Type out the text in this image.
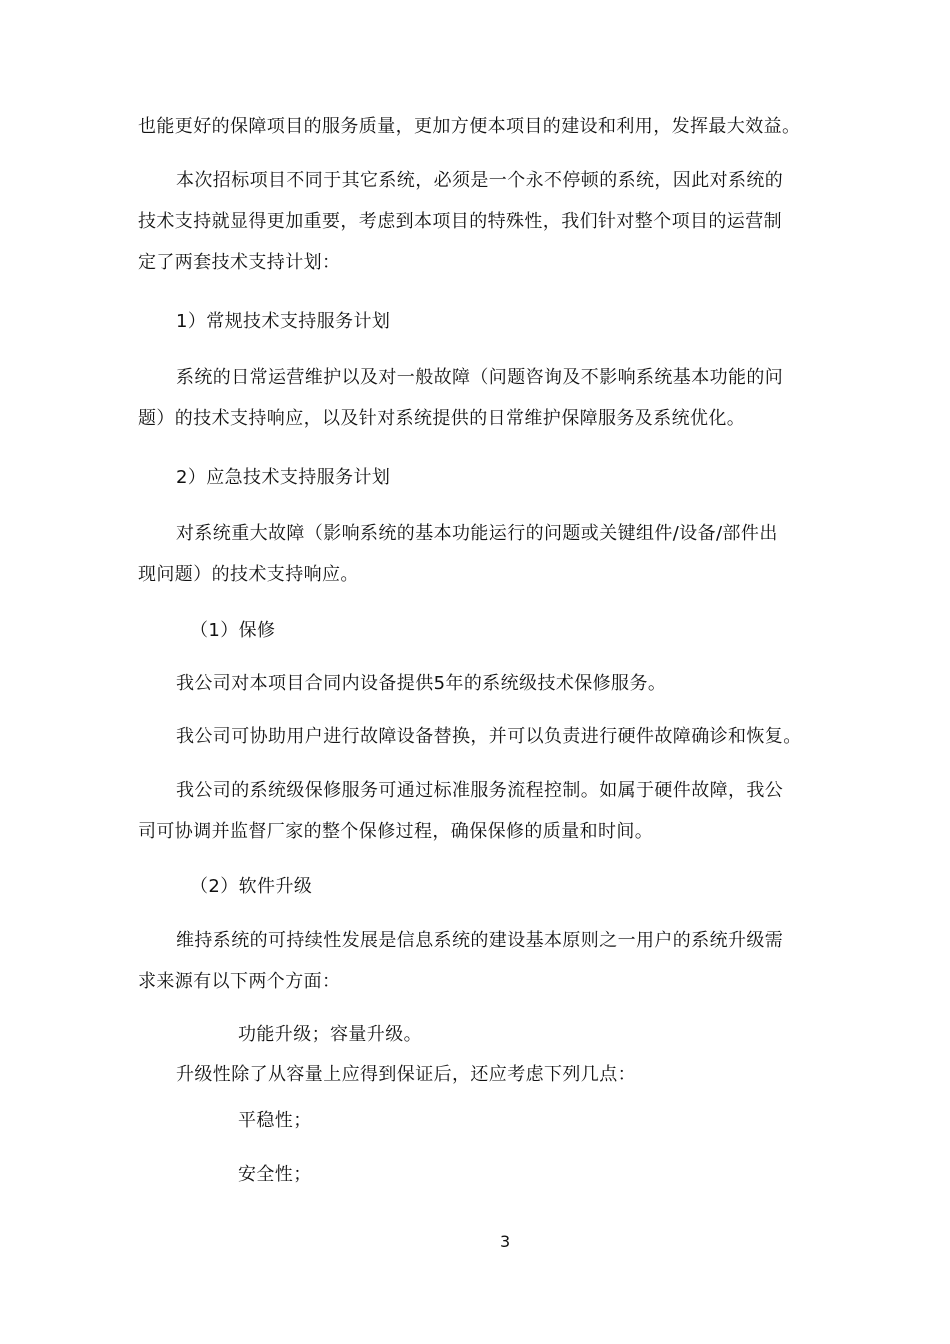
也能更好的保障项目的服务质量，更加方便本项目的建设和利用，发挥最大效益。
本次招标项目不同于其它系统，必须是一个永不停顿的系统，因此对系统的
技术支持就显得更加重要，考虑到本项目的特殊性，我们针对整个项目的运营制
定了两套技术支持计划：
1）常规技术支持服务计划
系统的日常运营维护以及对一般故障（问题咨询及不影响系统基本功能的问
题）的技术支持响应，以及针对系统提供的日常维护保障服务及系统优化。
2）应急技术支持服务计划
对系统重大故障（影响系统的基本功能运行的问题或关键组件/设备/部件出
现问题）的技术支持响应。
（1）保修
我公司对本项目合同内设备提供5年的系统级技术保修服务。
我公司可协助用户进行故障设备替换，并可以负责进行硬件故障确诊和恢复。
我公司的系统级保修服务可通过标准服务流程控制。如属于硬件故障，我公
司可协调并监督厂家的整个保修过程，确保保修的质量和时间。
（2）软件升级
维持系统的可持续性发展是信息系统的建设基本原则之一用户的系统升级需
求来源有以下两个方面：
功能升级；容量升级。
升级性除了从容量上应得到保证后，还应考虑下列几点：
平稳性；
安全性；
3
